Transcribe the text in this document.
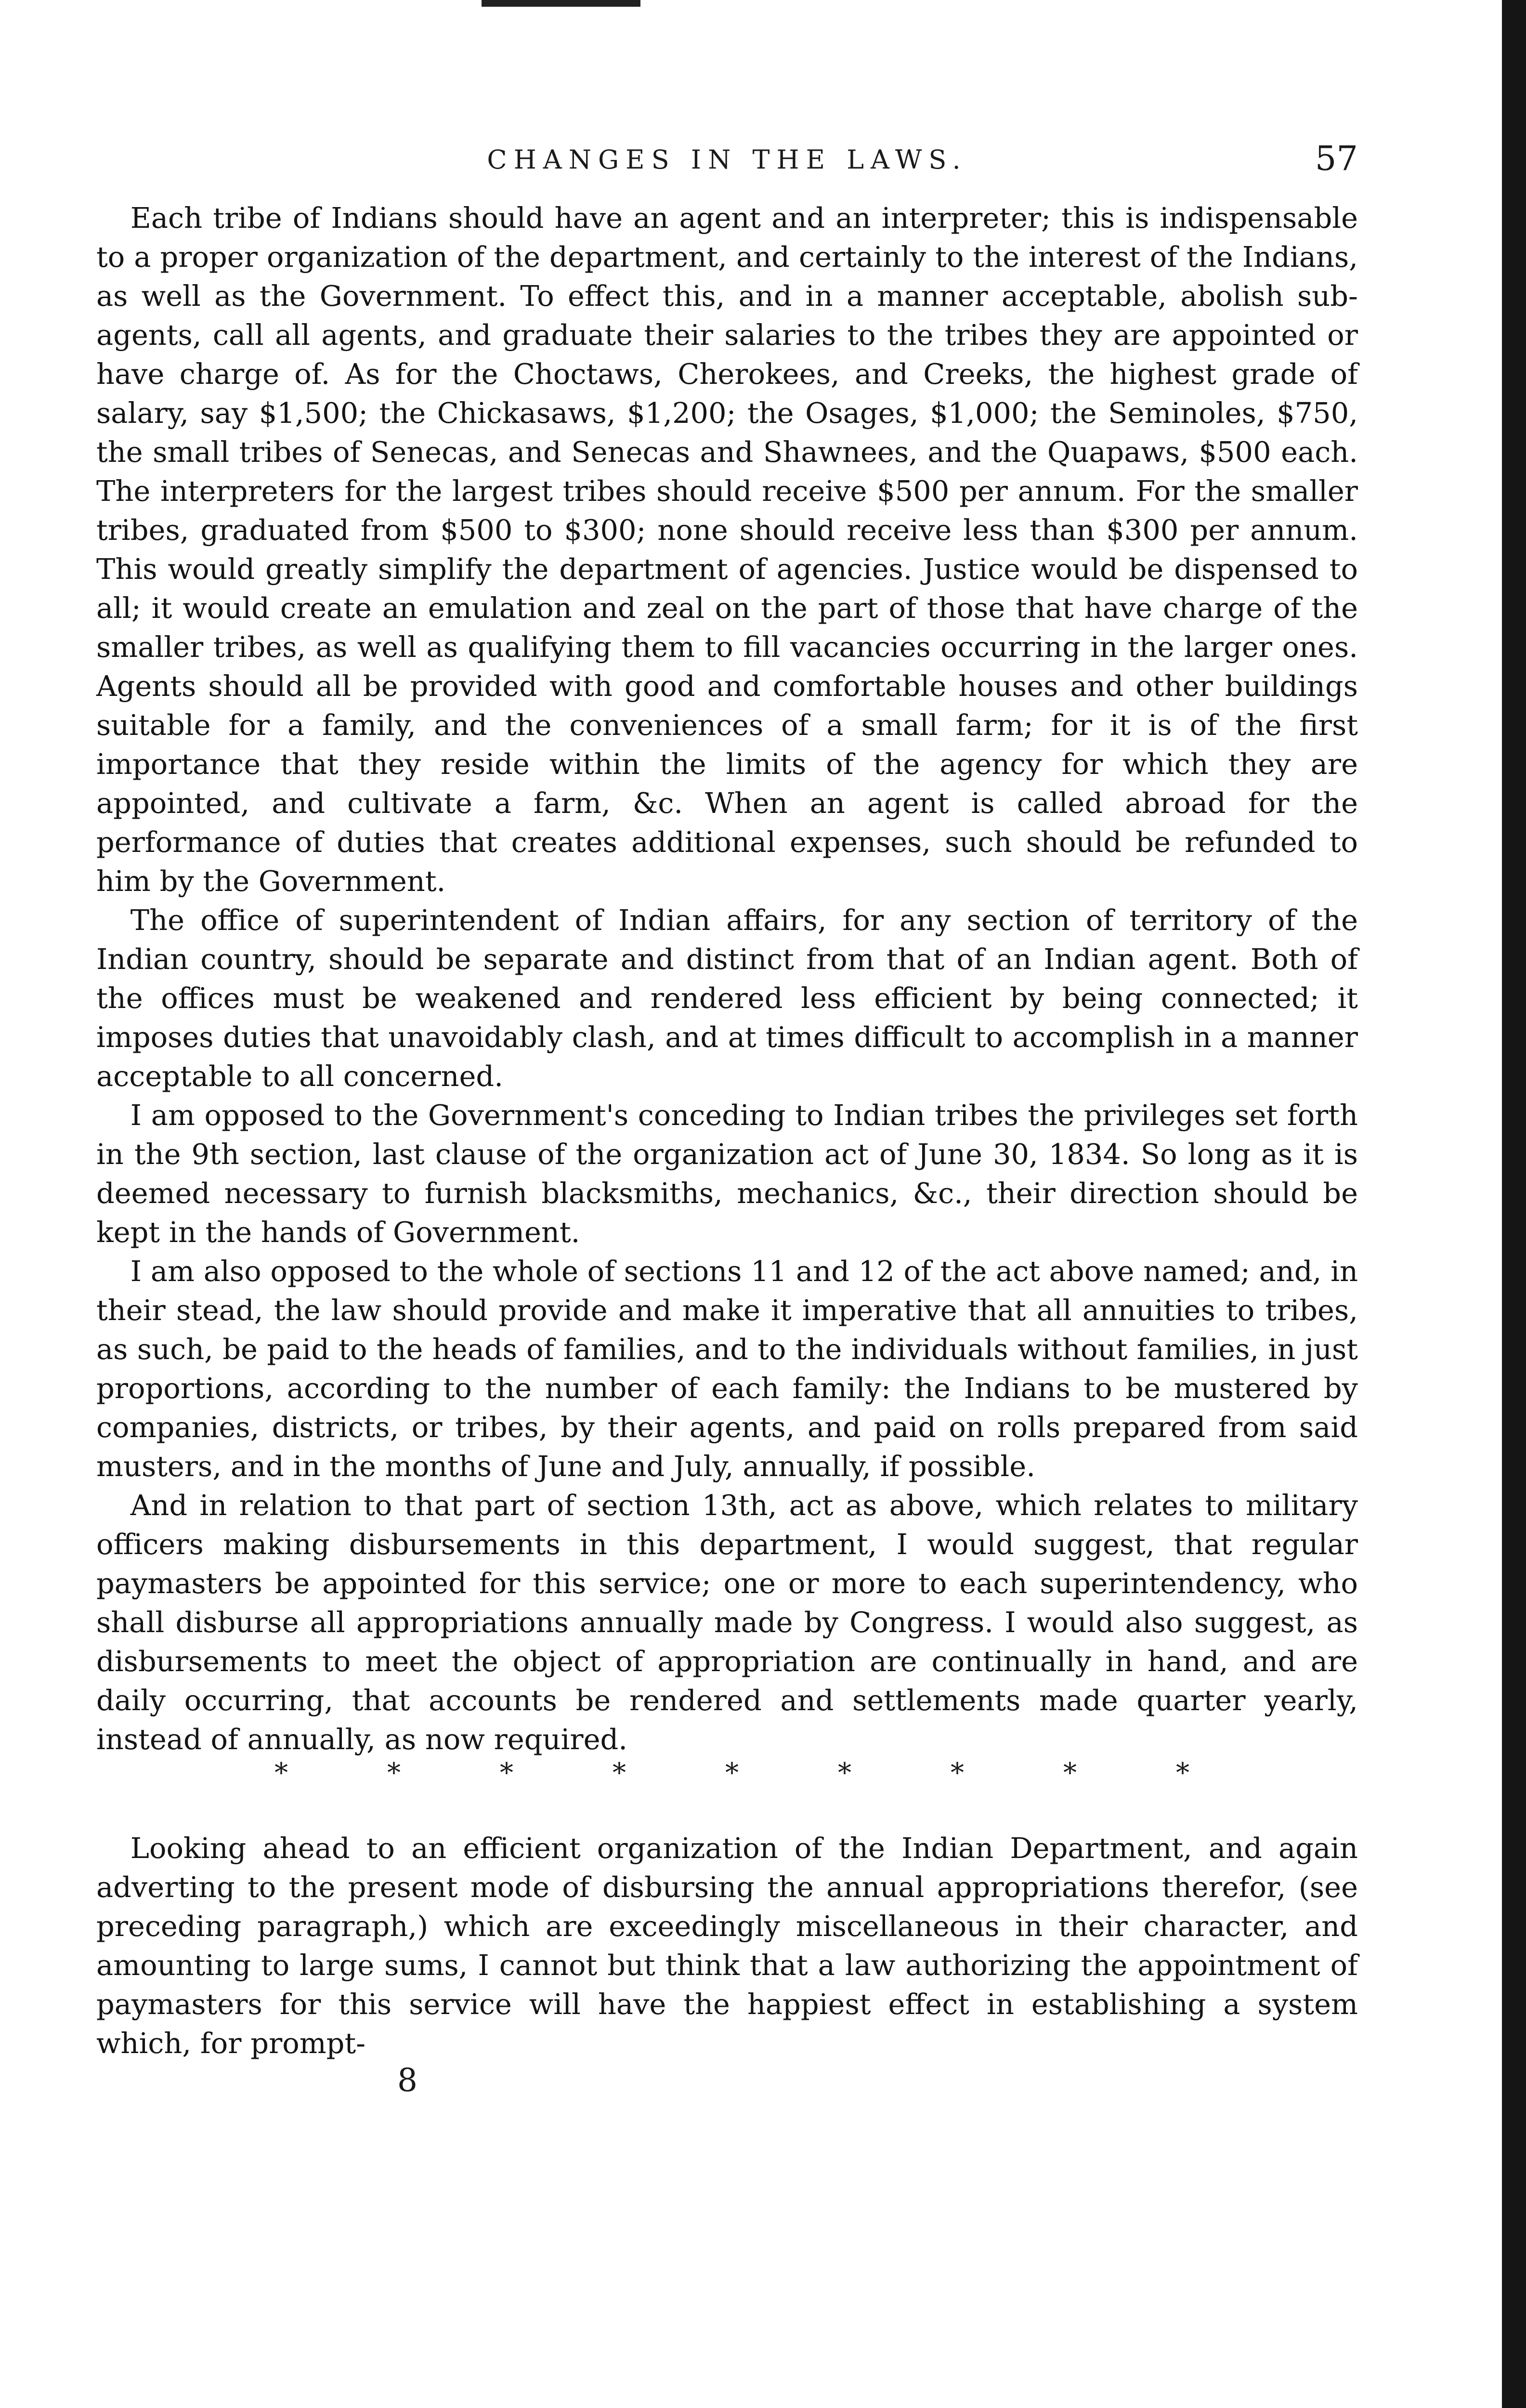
CHANGES IN THE LAWS.	57

Each tribe of Indians should have an agent and an interpreter; this is indispensable to a proper organization of the department, and certainly to the interest of the Indians, as well as the Government. To effect this, and in a manner acceptable, abolish sub-agents, call all agents, and graduate their salaries to the tribes they are appointed or have charge of. As for the Choctaws, Cherokees, and Creeks, the highest grade of salary, say $1,500; the Chickasaws, $1,200; the Osages, $1,000; the Seminoles, $750, the small tribes of Senecas, and Senecas and Shawnees, and the Quapaws, $500 each. The interpreters for the largest tribes should receive $500 per annum. For the smaller tribes, graduated from $500 to $300; none should receive less than $300 per annum. This would greatly simplify the department of agencies. Justice would be dispensed to all; it would create an emulation and zeal on the part of those that have charge of the smaller tribes, as well as qualifying them to fill vacancies occurring in the larger ones. Agents should all be provided with good and comfortable houses and other buildings suitable for a family, and the conveniences of a small farm; for it is of the first importance that they reside within the limits of the agency for which they are appointed, and cultivate a farm, &c. When an agent is called abroad for the performance of duties that creates additional expenses, such should be refunded to him by the Government.

The office of superintendent of Indian affairs, for any section of territory of the Indian country, should be separate and distinct from that of an Indian agent. Both of the offices must be weakened and rendered less efficient by being connected; it imposes duties that unavoidably clash, and at times difficult to accomplish in a manner acceptable to all concerned.

I am opposed to the Government's conceding to Indian tribes the privileges set forth in the 9th section, last clause of the organization act of June 30, 1834. So long as it is deemed necessary to furnish blacksmiths, mechanics, &c., their direction should be kept in the hands of Government.

I am also opposed to the whole of sections 11 and 12 of the act above named; and, in their stead, the law should provide and make it imperative that all annuities to tribes, as such, be paid to the heads of families, and to the individuals without families, in just proportions, according to the number of each family: the Indians to be mustered by companies, districts, or tribes, by their agents, and paid on rolls prepared from said musters, and in the months of June and July, annually, if possible.

And in relation to that part of section 13th, act as above, which relates to military officers making disbursements in this department, I would suggest, that regular paymasters be appointed for this service; one or more to each superintendency, who shall disburse all appropriations annually made by Congress. I would also suggest, as disbursements to meet the object of appropriation are continually in hand, and are daily occurring, that accounts be rendered and settlements made quarter yearly, instead of annually, as now required.

*	*	*	*	*	*	*	*	*

Looking ahead to an efficient organization of the Indian Department, and again adverting to the present mode of disbursing the annual appropriations therefor, (see preceding paragraph,) which are exceedingly miscellaneous in their character, and amounting to large sums, I cannot but think that a law authorizing the appointment of paymasters for this service will have the happiest effect in establishing a system which, for prompt-

8
